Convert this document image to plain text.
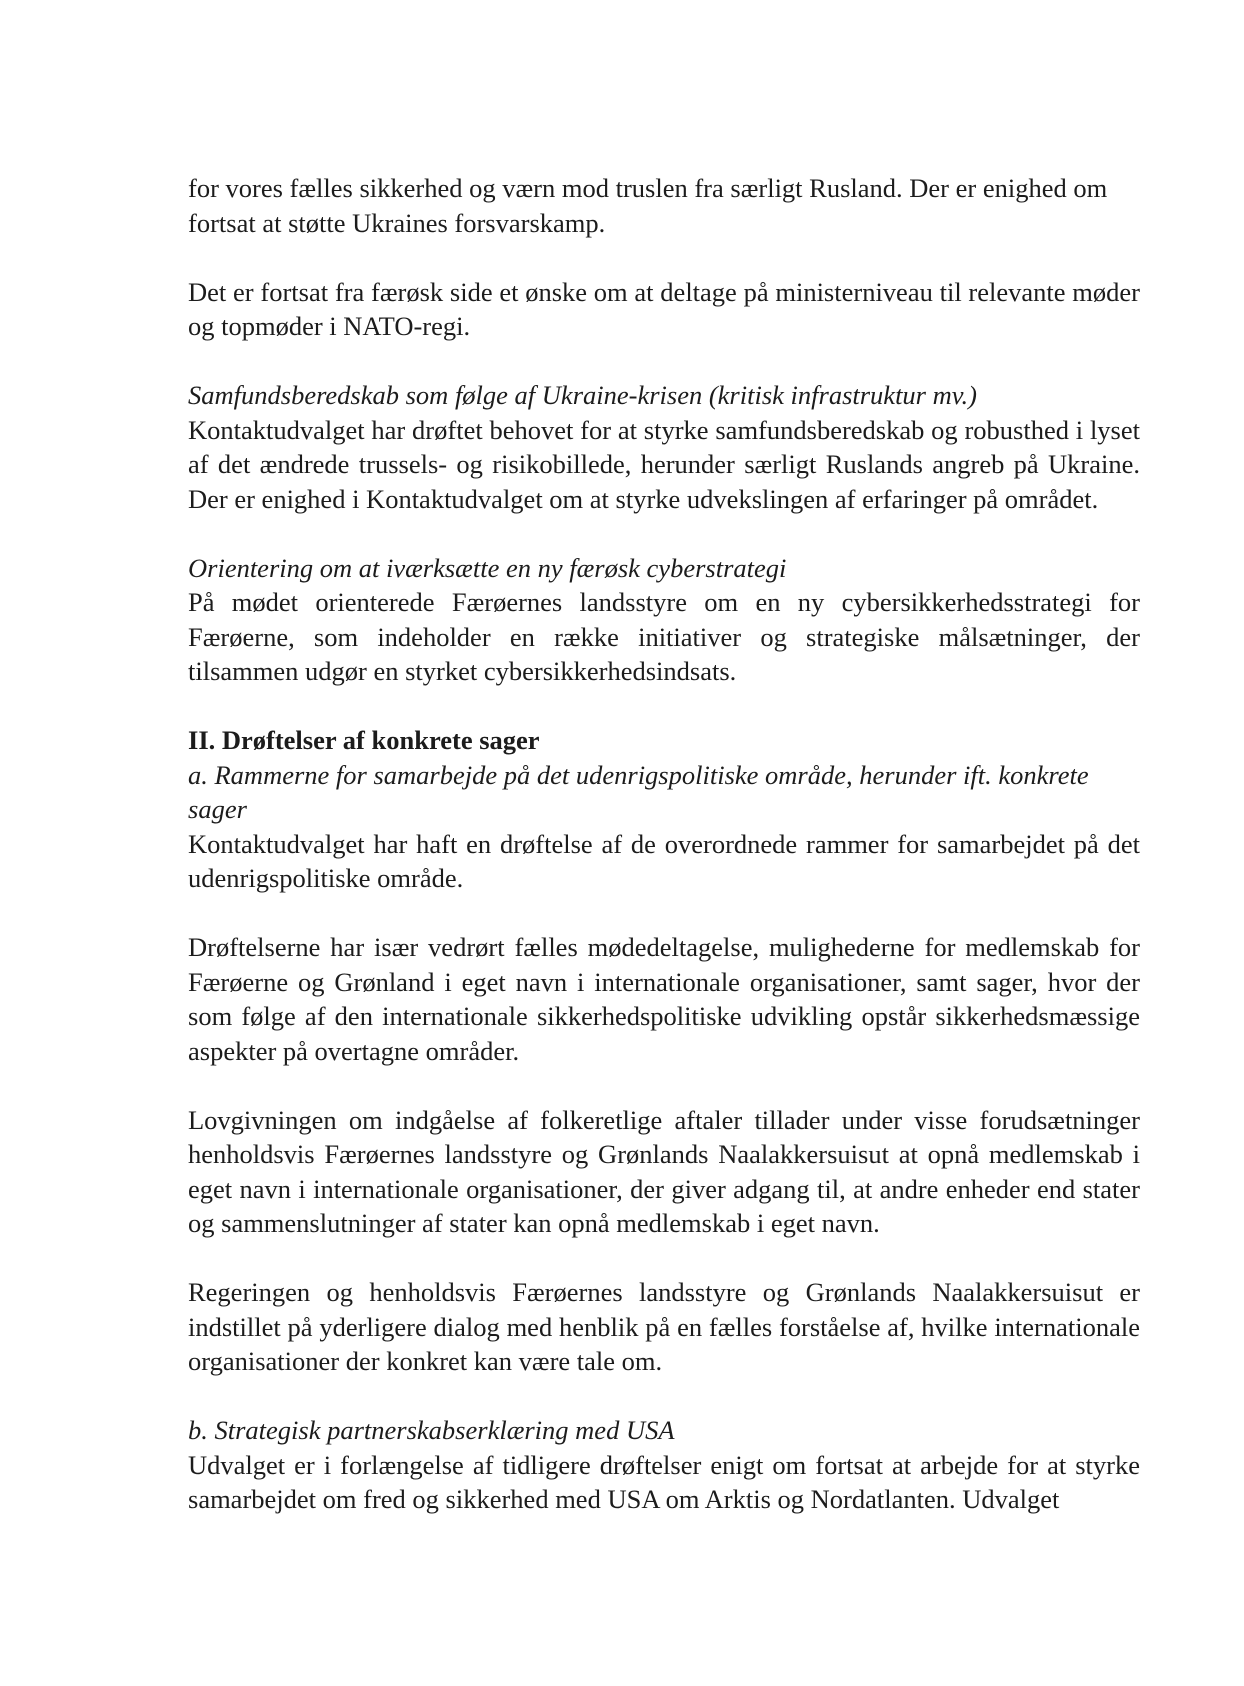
for vores fælles sikkerhed og værn mod truslen fra særligt Rusland. Der er enighed om fortsat at støtte Ukraines forsvarskamp.

Det er fortsat fra færøsk side et ønske om at deltage på ministerniveau til relevante møder og topmøder i NATO-regi.

Samfundsberedskab som følge af Ukraine-krisen (kritisk infrastruktur mv.)

Kontaktudvalget har drøftet behovet for at styrke samfundsberedskab og robusthed i lyset af det ændrede trussels- og risikobillede, herunder særligt Ruslands angreb på Ukraine. Der er enighed i Kontaktudvalget om at styrke udvekslingen af erfaringer på området.

Orientering om at iværksætte en ny færøsk cyberstrategi

På mødet orienterede Færøernes landsstyre om en ny cybersikkerhedsstrategi for Færøerne, som indeholder en række initiativer og strategiske målsætninger, der tilsammen udgør en styrket cybersikkerhedsindsats.

II. Drøftelser af konkrete sager

a. Rammerne for samarbejde på det udenrigspolitiske område, herunder ift. konkrete sager

Kontaktudvalget har haft en drøftelse af de overordnede rammer for samarbejdet på det udenrigspolitiske område.

Drøftelserne har især vedrørt fælles mødedeltagelse, mulighederne for medlemskab for Færøerne og Grønland i eget navn i internationale organisationer, samt sager, hvor der som følge af den internationale sikkerhedspolitiske udvikling opstår sikkerhedsmæssige aspekter på overtagne områder.

Lovgivningen om indgåelse af folkeretlige aftaler tillader under visse forudsætninger henholdsvis Færøernes landsstyre og Grønlands Naalakkersuisut at opnå medlemskab i eget navn i internationale organisationer, der giver adgang til, at andre enheder end stater og sammenslutninger af stater kan opnå medlemskab i eget navn.

Regeringen og henholdsvis Færøernes landsstyre og Grønlands Naalakkersuisut er indstillet på yderligere dialog med henblik på en fælles forståelse af, hvilke internationale organisationer der konkret kan være tale om.

b. Strategisk partnerskabserklæring med USA

Udvalget er i forlængelse af tidligere drøftelser enigt om fortsat at arbejde for at styrke samarbejdet om fred og sikkerhed med USA om Arktis og Nordatlanten. Udvalget
